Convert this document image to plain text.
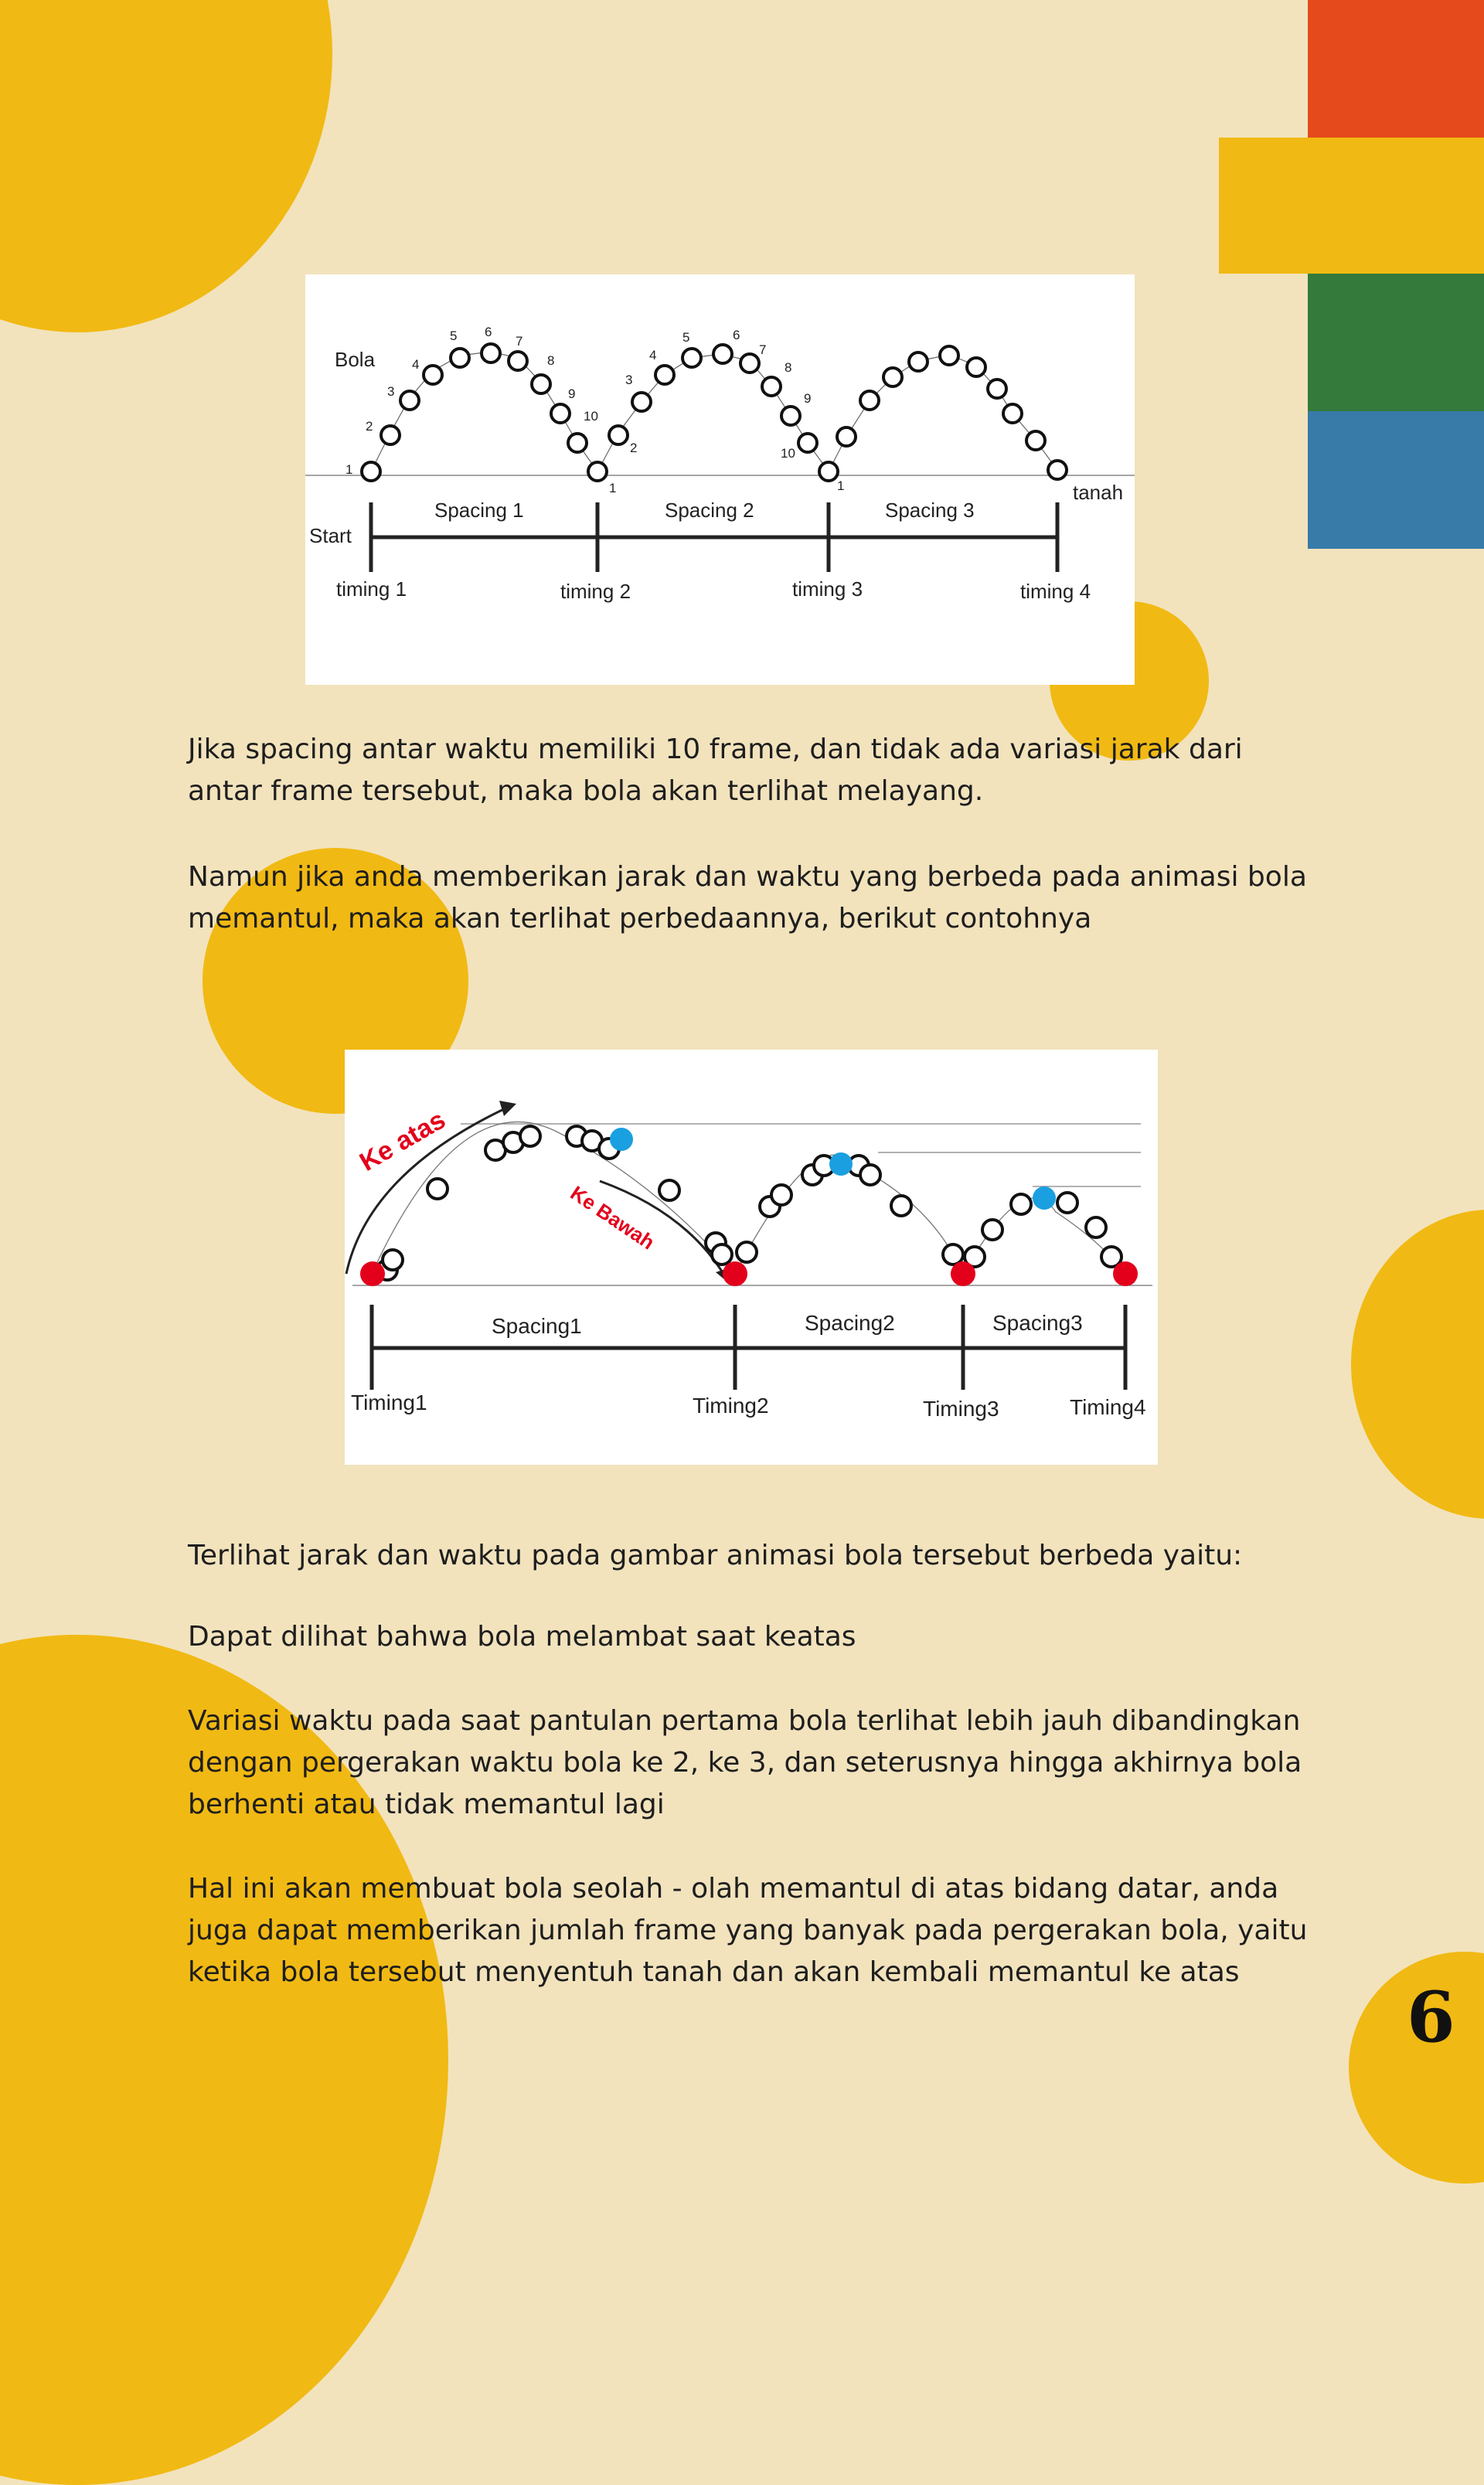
1
2
3
4
5 6
7
8
9
10
1
2
3
4
5	6
7
8
9
10
1
Bola
tanah
Start
Spacing 1	Spacing 2	Spacing 3
timing 1	timing 2	timing 3	timing 4

Jika spacing antar waktu memiliki 10 frame, dan tidak ada variasi jarak dari antar frame tersebut, maka bola akan terlihat melayang.

Namun jika anda memberikan jarak dan waktu yang berbeda pada animasi bola memantul, maka akan terlihat perbedaannya, berikut contohnya

Ke atas
Ke Bawah
Spacing1	Spacing2	Spacing3
Timing1	Timing2	Timing3	Timing4

Terlihat jarak dan waktu pada gambar animasi bola tersebut berbeda yaitu:

Dapat dilihat bahwa bola melambat saat keatas

Variasi waktu pada saat pantulan pertama bola terlihat lebih jauh dibandingkan dengan pergerakan waktu bola ke 2, ke 3, dan seterusnya hingga akhirnya bola berhenti atau tidak memantul lagi

Hal ini akan membuat bola seolah - olah memantul di atas bidang datar, anda juga dapat memberikan jumlah frame yang banyak pada pergerakan bola, yaitu ketika bola tersebut menyentuh tanah dan akan kembali memantul ke atas

6
